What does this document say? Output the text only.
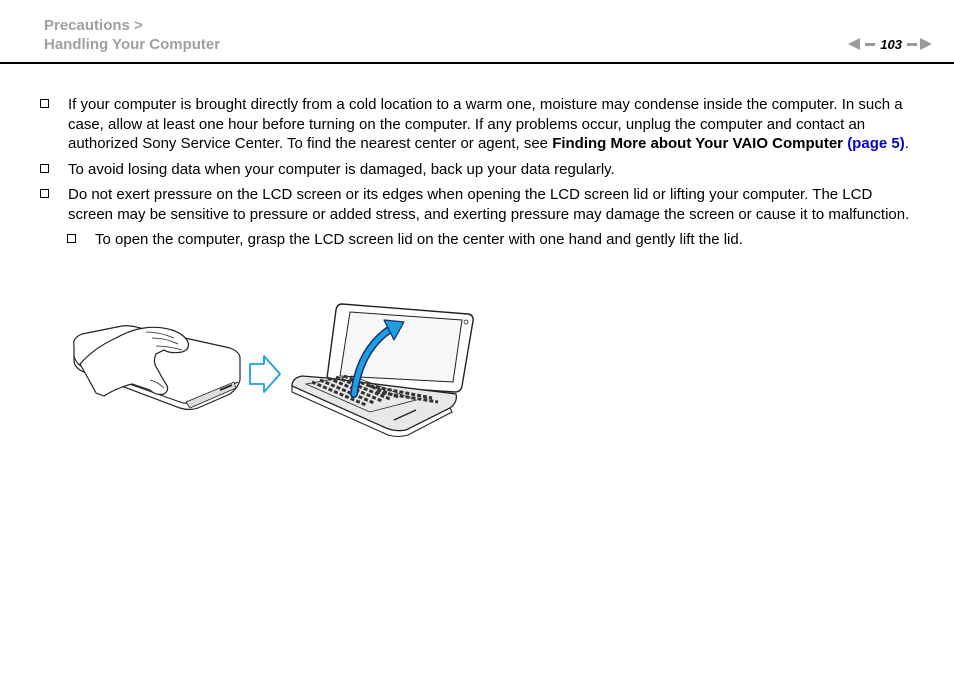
Precautions >
Handling Your Computer	103

If your computer is brought directly from a cold location to a warm one, moisture may condense inside the computer. In such a case, allow at least one hour before turning on the computer. If any problems occur, unplug the computer and contact an authorized Sony Service Center. To find the nearest center or agent, see Finding More about Your VAIO Computer (page 5).

To avoid losing data when your computer is damaged, back up your data regularly.

Do not exert pressure on the LCD screen or its edges when opening the LCD screen lid or lifting your computer. The LCD screen may be sensitive to pressure or added stress, and exerting pressure may damage the screen or cause it to malfunction.

To open the computer, grasp the LCD screen lid on the center with one hand and gently lift the lid.
